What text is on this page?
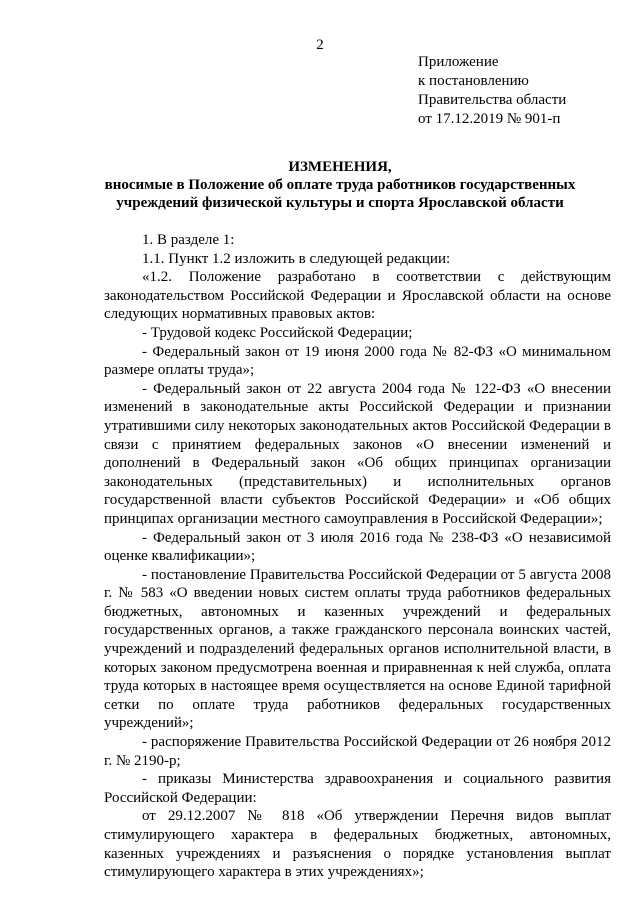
2
Приложение
к постановлению
Правительства области
от 17.12.2019 № 901-п
ИЗМЕНЕНИЯ,
вносимые в Положение об оплате труда работников государственных
учреждений физической культуры и спорта Ярославской области

1. В разделе 1:

1.1. Пункт 1.2 изложить в следующей редакции:

«1.2. Положение разработано в соответствии с действующим законодательством Российской Федерации и Ярославской области на основе следующих нормативных правовых актов:

- Трудовой кодекс Российской Федерации;

- Федеральный закон от 19 июня 2000 года № 82-ФЗ «О минимальном размере оплаты труда»;

- Федеральный закон от 22 августа 2004 года № 122-ФЗ «О внесении изменений в законодательные акты Российской Федерации и признании утратившими силу некоторых законодательных актов Российской Федерации в связи с принятием федеральных законов «О внесении изменений и дополнений в Федеральный закон «Об общих принципах организации законодательных (представительных) и исполнительных органов государственной власти субъектов Российской Федерации» и «Об общих принципах организации местного самоуправления в Российской Федерации»;

- Федеральный закон от 3 июля 2016 года № 238-ФЗ «О независимой оценке квалификации»;

- постановление Правительства Российской Федерации от 5 августа 2008 г. № 583 «О введении новых систем оплаты труда работников федеральных бюджетных, автономных и казенных учреждений и федеральных государственных органов, а также гражданского персонала воинских частей, учреждений и подразделений федеральных органов исполнительной власти, в которых законом предусмотрена военная и приравненная к ней служба, оплата труда которых в настоящее время осуществляется на основе Единой тарифной сетки по оплате труда работников федеральных государственных учреждений»;

- распоряжение Правительства Российской Федерации от 26 ноября 2012 г. № 2190-р;

- приказы Министерства здравоохранения и социального развития Российской Федерации:

от 29.12.2007 № 818 «Об утверждении Перечня видов выплат стимулирующего характера в федеральных бюджетных, автономных, казенных учреждениях и разъяснения о порядке установления выплат стимулирующего характера в этих учреждениях»;
